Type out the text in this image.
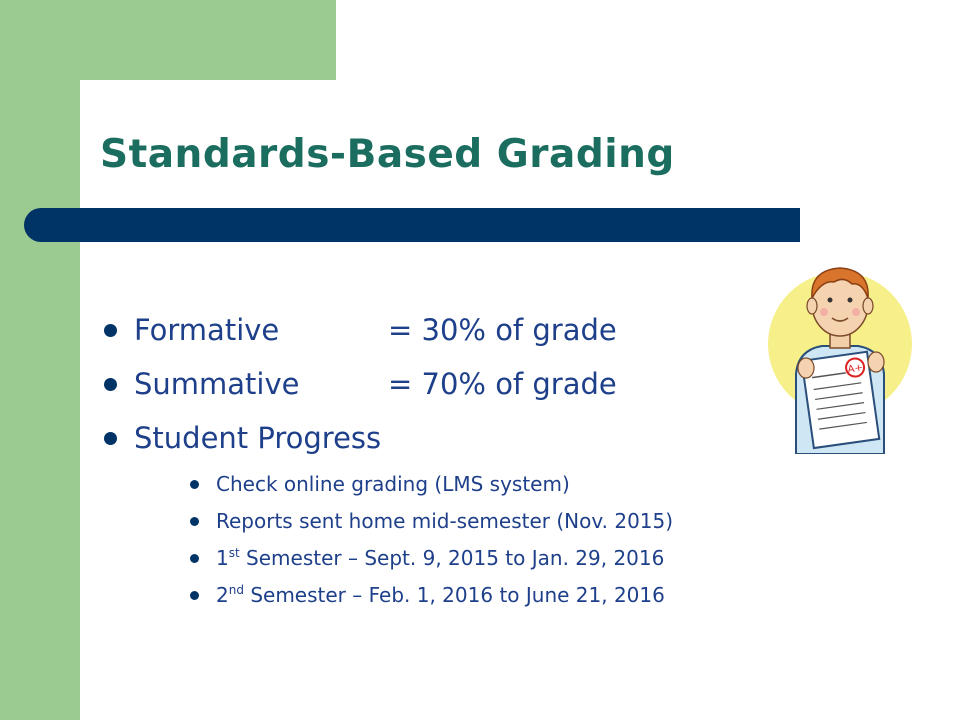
Standards-Based Grading
Formative	= 30% of grade
Summative	= 70% of grade
Student Progress
Check online grading (LMS system)
Reports sent home mid-semester (Nov. 2015)
1st Semester – Sept. 9, 2015 to Jan. 29, 2016
2nd Semester – Feb. 1, 2016 to June 21, 2016
A+
